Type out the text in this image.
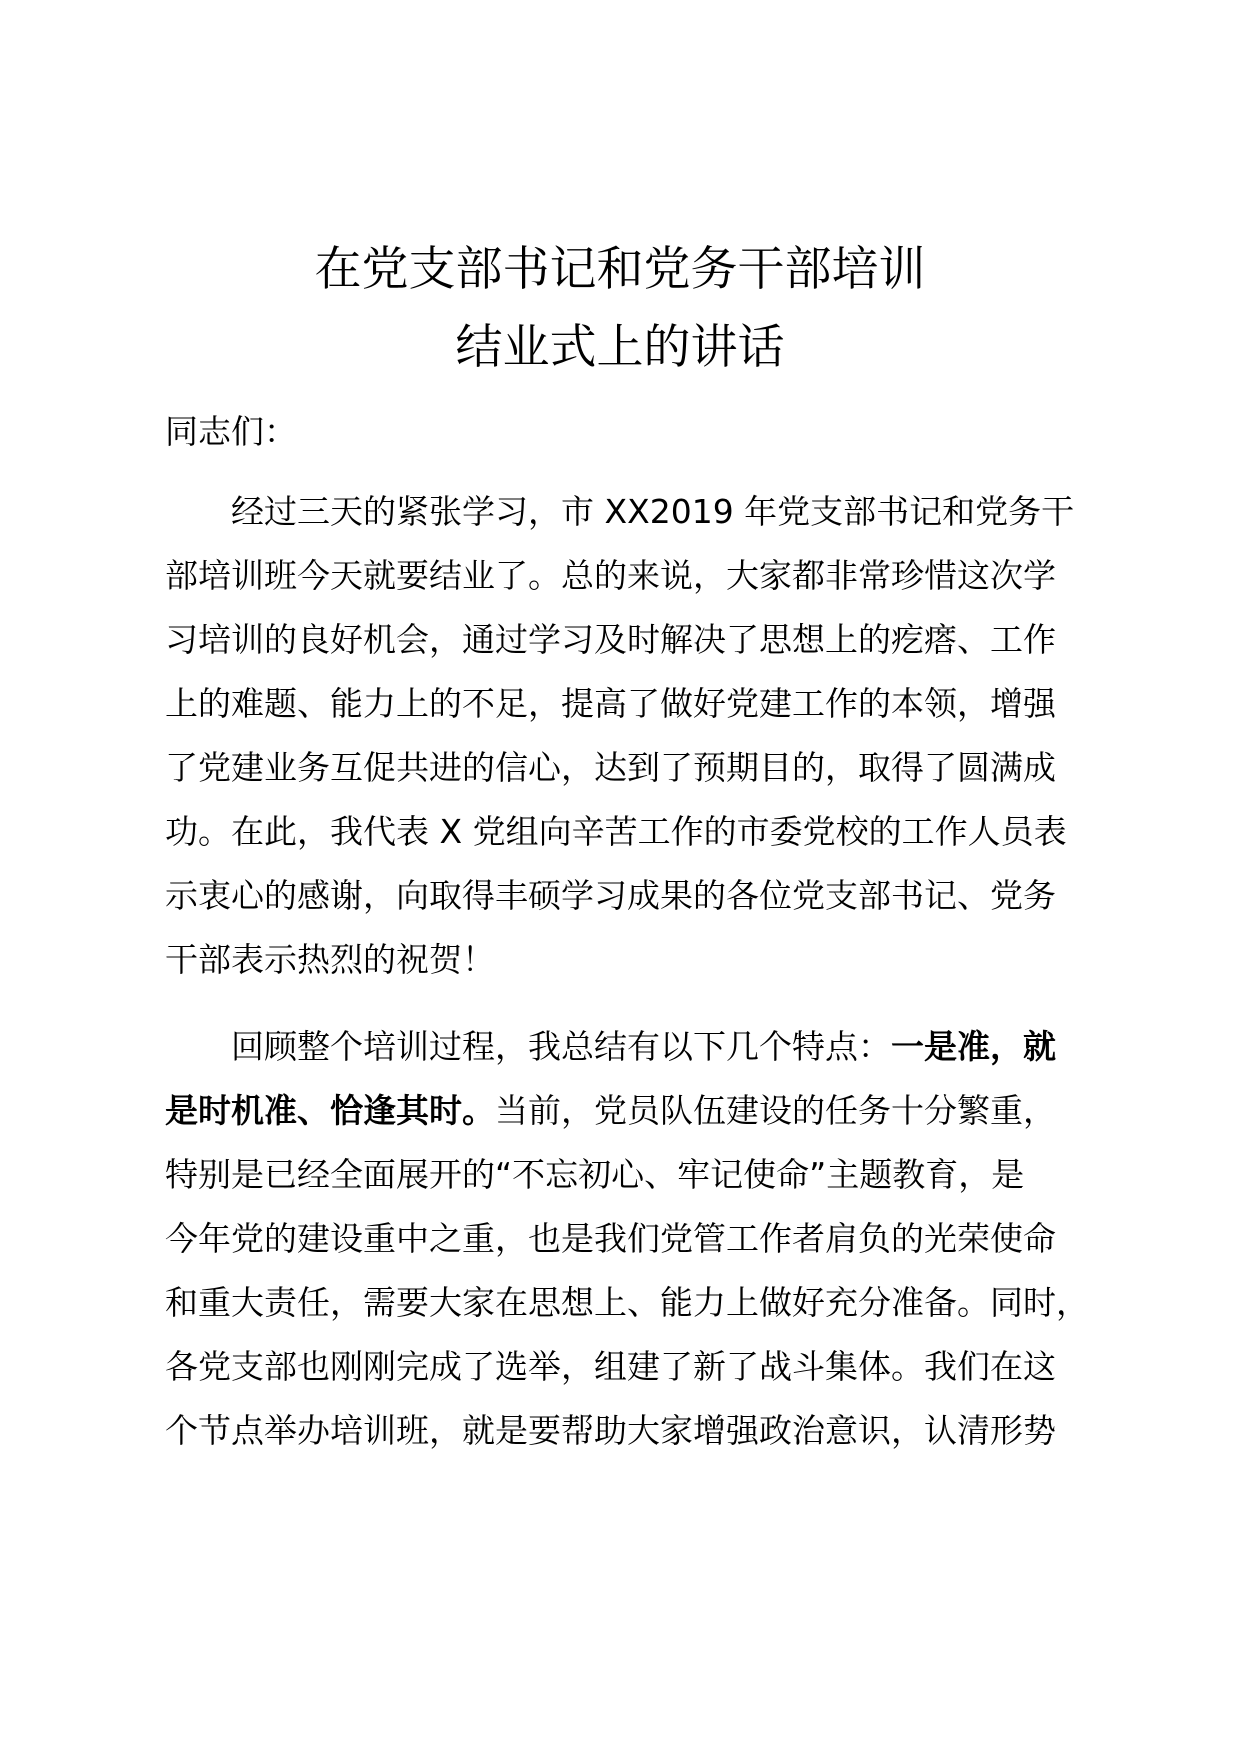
在党支部书记和党务干部培训
结业式上的讲话
同志们：
经过三天的紧张学习，市 XX2019 年党支部书记和党务干
部培训班今天就要结业了。总的来说，大家都非常珍惜这次学
习培训的良好机会，通过学习及时解决了思想上的疙瘩、工作
上的难题、能力上的不足，提高了做好党建工作的本领，增强
了党建业务互促共进的信心，达到了预期目的，取得了圆满成
功。在此，我代表 X 党组向辛苦工作的市委党校的工作人员表
示衷心的感谢，向取得丰硕学习成果的各位党支部书记、党务
干部表示热烈的祝贺！
回顾整个培训过程，我总结有以下几个特点：一是准，就
是时机准、恰逢其时。当前，党员队伍建设的任务十分繁重，
特别是已经全面展开的“不忘初心、牢记使命”主题教育，是
今年党的建设重中之重，也是我们党管工作者肩负的光荣使命
和重大责任，需要大家在思想上、能力上做好充分准备。同时，
各党支部也刚刚完成了选举，组建了新了战斗集体。我们在这
个节点举办培训班，就是要帮助大家增强政治意识，认清形势
